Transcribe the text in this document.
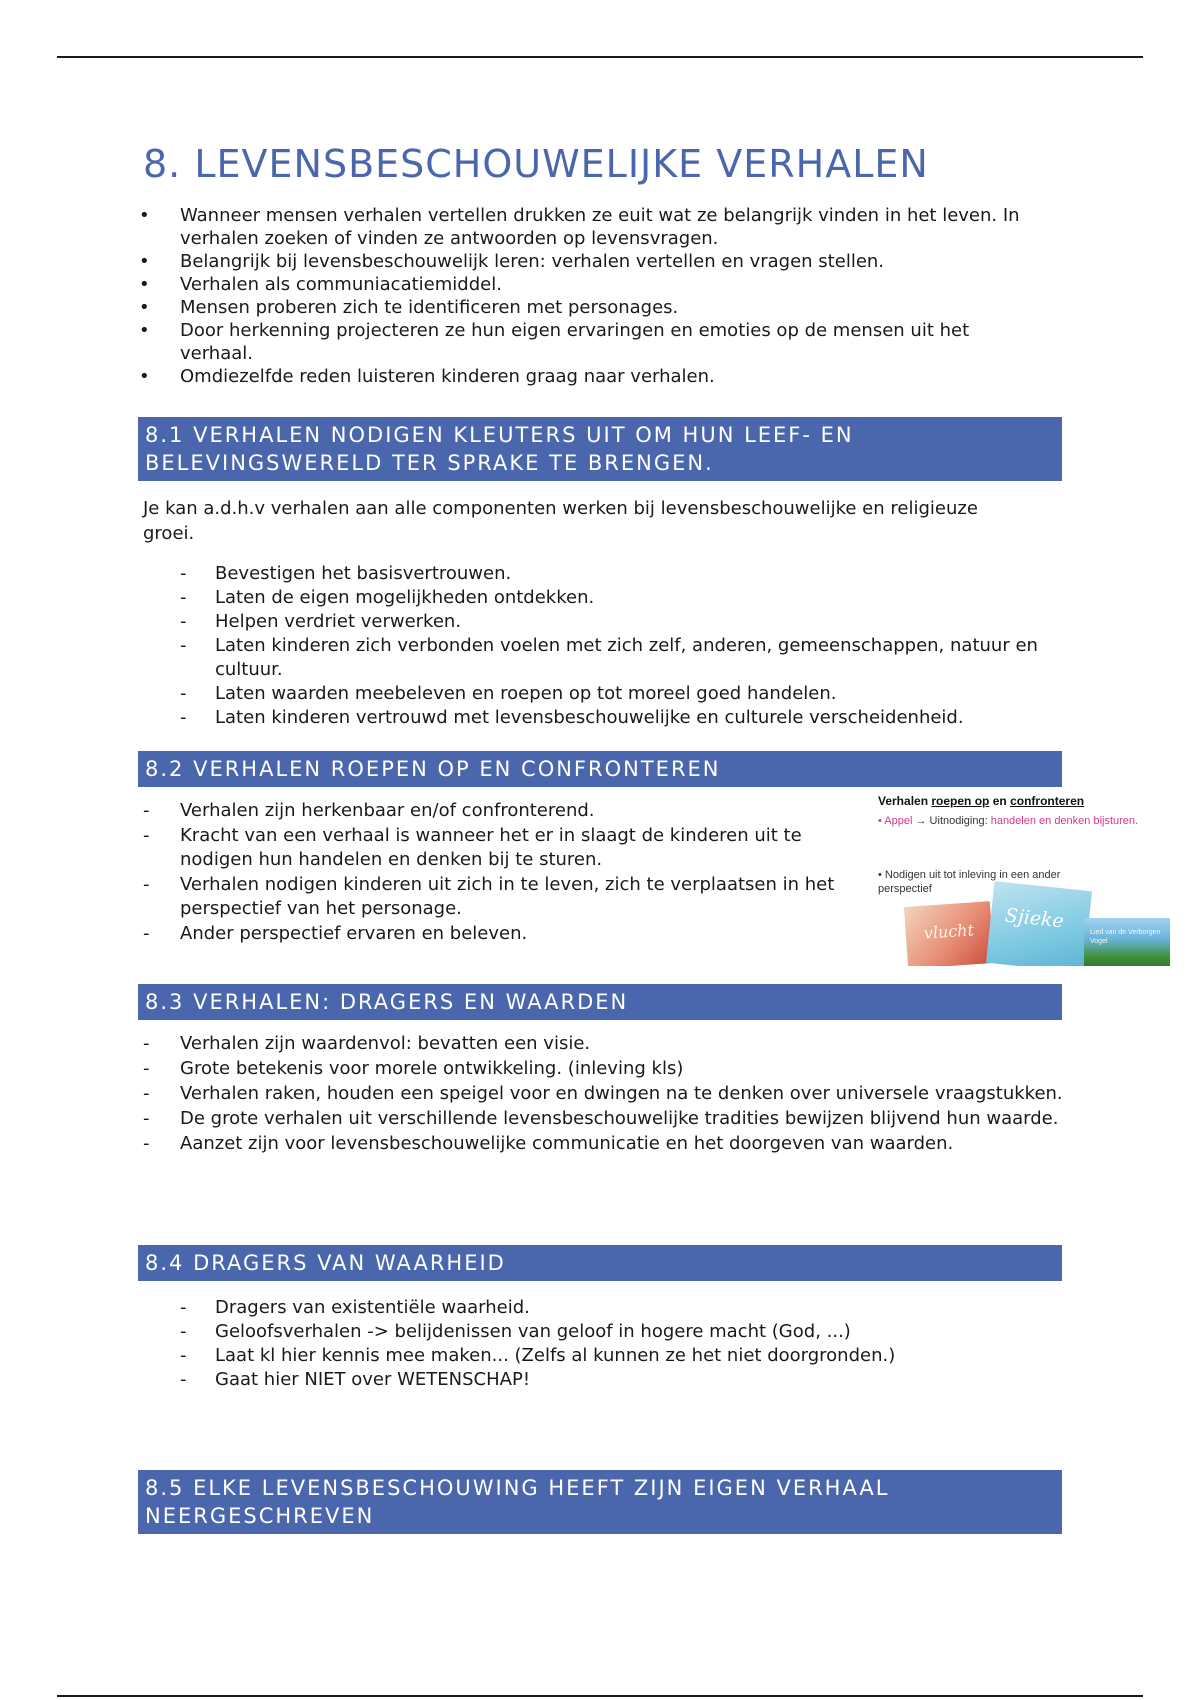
8. LEVENSBESCHOUWELIJKE VERHALEN
• Wanneer mensen verhalen vertellen drukken ze euit wat ze belangrijk vinden in het leven. In verhalen zoeken of vinden ze antwoorden op levensvragen.
• Belangrijk bij levensbeschouwelijk leren: verhalen vertellen en vragen stellen.
• Verhalen als communiacatiemiddel.
• Mensen proberen zich te identificeren met personages.
• Door herkenning projecteren ze hun eigen ervaringen en emoties op de mensen uit het verhaal.
• Omdiezelfde reden luisteren kinderen graag naar verhalen.
8.1 VERHALEN NODIGEN KLEUTERS UIT OM HUN LEEF- EN BELEVINGSWERELD TER SPRAKE TE BRENGEN.

Je kan a.d.h.v verhalen aan alle componenten werken bij levensbeschouwelijke en religieuze groei.

- Bevestigen het basisvertrouwen.
- Laten de eigen mogelijkheden ontdekken.
- Helpen verdriet verwerken.
- Laten kinderen zich verbonden voelen met zich zelf, anderen, gemeenschappen, natuur en cultuur.
- Laten waarden meebeleven en roepen op tot moreel goed handelen.
- Laten kinderen vertrouwd met levensbeschouwelijke en culturele verscheidenheid.
8.2 VERHALEN ROEPEN OP EN CONFRONTEREN
- Verhalen zijn herkenbaar en/of confronterend.
- Kracht van een verhaal is wanneer het er in slaagt de kinderen uit te nodigen hun handelen en denken bij te sturen.
- Verhalen nodigen kinderen uit zich in te leven, zich te verplaatsen in het perspectief van het personage.
- Ander perspectief ervaren en beleven.
Verhalen roepen op en confronteren
• Appel → Uitnodiging: handelen en denken bijsturen.
• Nodigen uit tot inleving in een ander perspectief
vlucht Sjieke
Lied van de Verborgen Vogel
8.3 VERHALEN: DRAGERS EN WAARDEN
- Verhalen zijn waardenvol: bevatten een visie.
- Grote betekenis voor morele ontwikkeling. (inleving kls)
- Verhalen raken, houden een speigel voor en dwingen na te denken over universele vraagstukken.
- De grote verhalen uit verschillende levensbeschouwelijke tradities bewijzen blijvend hun waarde.
- Aanzet zijn voor levensbeschouwelijke communicatie en het doorgeven van waarden.
8.4 DRAGERS VAN WAARHEID
- Dragers van existentiële waarheid.
- Geloofsverhalen -> belijdenissen van geloof in hogere macht (God, ...)
- Laat kl hier kennis mee maken... (Zelfs al kunnen ze het niet doorgronden.)
- Gaat hier NIET over WETENSCHAP!
8.5 ELKE LEVENSBESCHOUWING HEEFT ZIJN EIGEN VERHAAL NEERGESCHREVEN
